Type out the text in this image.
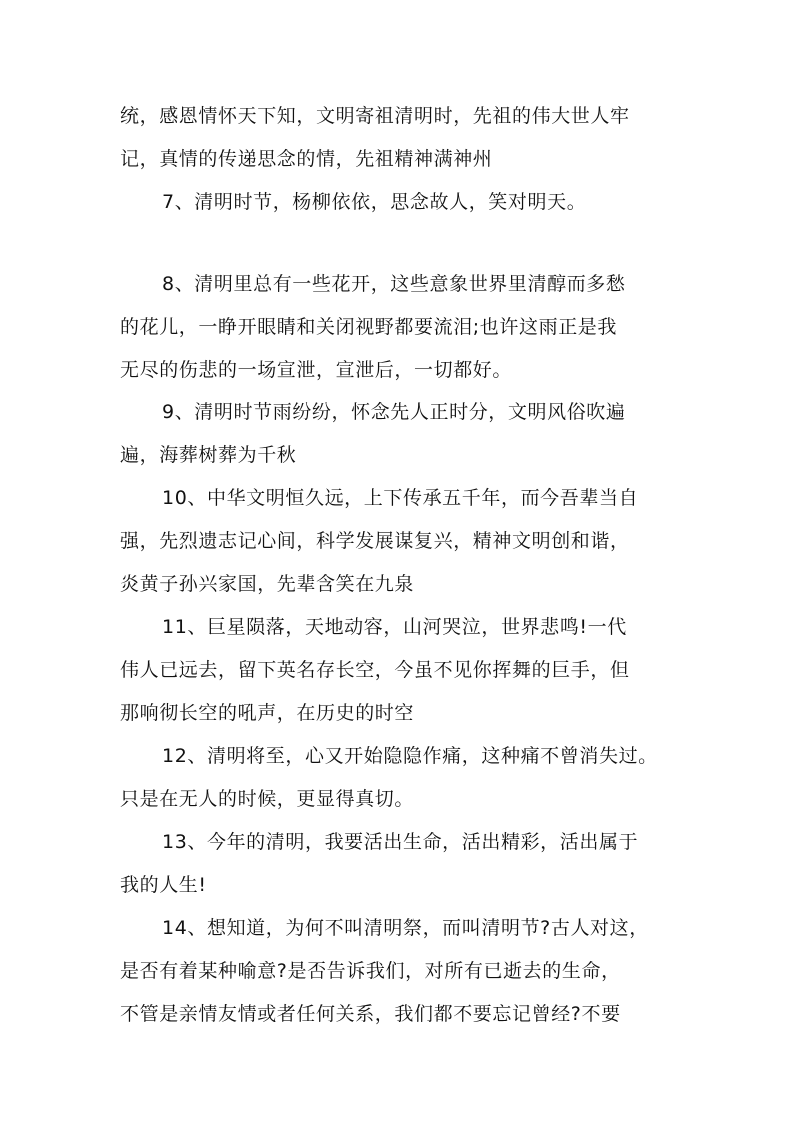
统，感恩情怀天下知，文明寄祖清明时，先祖的伟大世人牢
记，真情的传递思念的情，先祖精神满神州
7、清明时节，杨柳依依，思念故人，笑对明天。
8、清明里总有一些花开，这些意象世界里清醇而多愁
的花儿，一睁开眼睛和关闭视野都要流泪;也许这雨正是我
无尽的伤悲的一场宣泄，宣泄后，一切都好。
9、清明时节雨纷纷，怀念先人正时分，文明风俗吹遍
遍，海葬树葬为千秋
10、中华文明恒久远，上下传承五千年，而今吾辈当自
强，先烈遗志记心间，科学发展谋复兴，精神文明创和谐，
炎黄子孙兴家国，先辈含笑在九泉
11、巨星陨落，天地动容，山河哭泣，世界悲鸣!一代
伟人已远去，留下英名存长空，今虽不见你挥舞的巨手，但
那响彻长空的吼声，在历史的时空
12、清明将至，心又开始隐隐作痛，这种痛不曾消失过。
只是在无人的时候，更显得真切。
13、今年的清明，我要活出生命，活出精彩，活出属于
我的人生!
14、想知道，为何不叫清明祭，而叫清明节?古人对这，
是否有着某种喻意?是否告诉我们，对所有已逝去的生命，
不管是亲情友情或者任何关系，我们都不要忘记曾经?不要
